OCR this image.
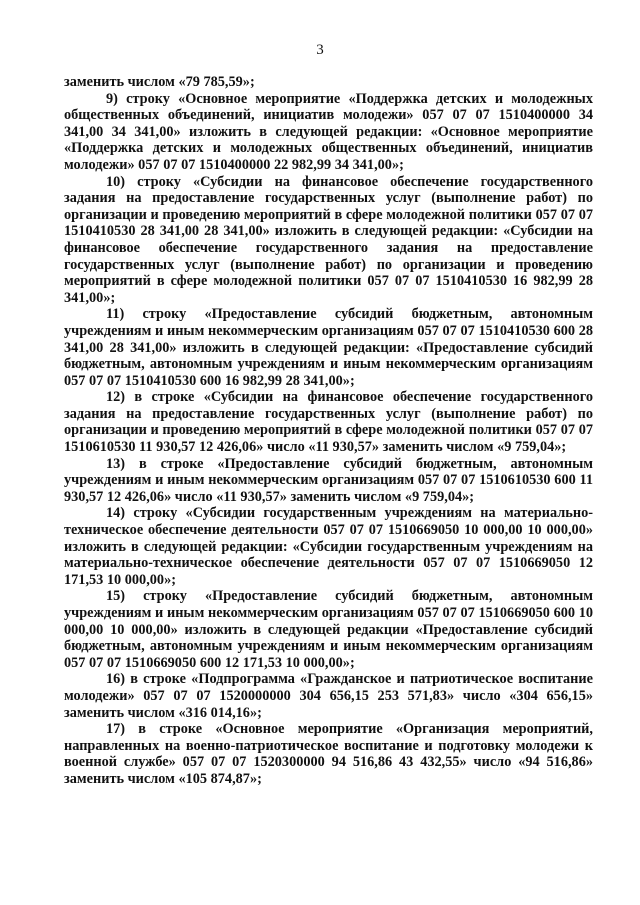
3

заменить числом «79 785,59»;

9) строку «Основное мероприятие «Поддержка детских и молодежных общественных объединений, инициатив молодежи» 057 07 07 1510400000 34 341,00 34 341,00» изложить в следующей редакции: «Основное мероприятие «Поддержка детских и молодежных общественных объединений, инициатив молодежи» 057 07 07 1510400000 22 982,99 34 341,00»;

10) строку «Субсидии на финансовое обеспечение государственного задания на предоставление государственных услуг (выполнение работ) по организации и проведению мероприятий в сфере молодежной политики 057 07 07 1510410530 28 341,00 28 341,00» изложить в следующей редакции: «Субсидии на финансовое обеспечение государственного задания на предоставление государственных услуг (выполнение работ) по организации и проведению мероприятий в сфере молодежной политики 057 07 07 1510410530 16 982,99 28 341,00»;

11) строку «Предоставление субсидий бюджетным, автономным учреждениям и иным некоммерческим организациям 057 07 07 1510410530 600 28 341,00 28 341,00» изложить в следующей редакции: «Предоставление субсидий бюджетным, автономным учреждениям и иным некоммерческим организациям 057 07 07 1510410530 600 16 982,99 28 341,00»;

12) в строке «Субсидии на финансовое обеспечение государственного задания на предоставление государственных услуг (выполнение работ) по организации и проведению мероприятий в сфере молодежной политики 057 07 07 1510610530 11 930,57 12 426,06» число «11 930,57» заменить числом «9 759,04»;

13) в строке «Предоставление субсидий бюджетным, автономным учреждениям и иным некоммерческим организациям 057 07 07 1510610530 600 11 930,57 12 426,06» число «11 930,57» заменить числом «9 759,04»;

14) строку «Субсидии государственным учреждениям на материально-техническое обеспечение деятельности 057 07 07 1510669050 10 000,00 10 000,00» изложить в следующей редакции: «Субсидии государственным учреждениям на материально-техническое обеспечение деятельности 057 07 07 1510669050 12 171,53 10 000,00»;

15) строку «Предоставление субсидий бюджетным, автономным учреждениям и иным некоммерческим организациям 057 07 07 1510669050 600 10 000,00 10 000,00» изложить в следующей редакции «Предоставление субсидий бюджетным, автономным учреждениям и иным некоммерческим организациям 057 07 07 1510669050 600 12 171,53 10 000,00»;

16) в строке «Подпрограмма «Гражданское и патриотическое воспитание молодежи» 057 07 07 1520000000 304 656,15 253 571,83» число «304 656,15» заменить числом «316 014,16»;

17) в строке «Основное мероприятие «Организация мероприятий, направленных на военно-патриотическое воспитание и подготовку молодежи к военной службе» 057 07 07 1520300000 94 516,86 43 432,55» число «94 516,86» заменить числом «105 874,87»;
